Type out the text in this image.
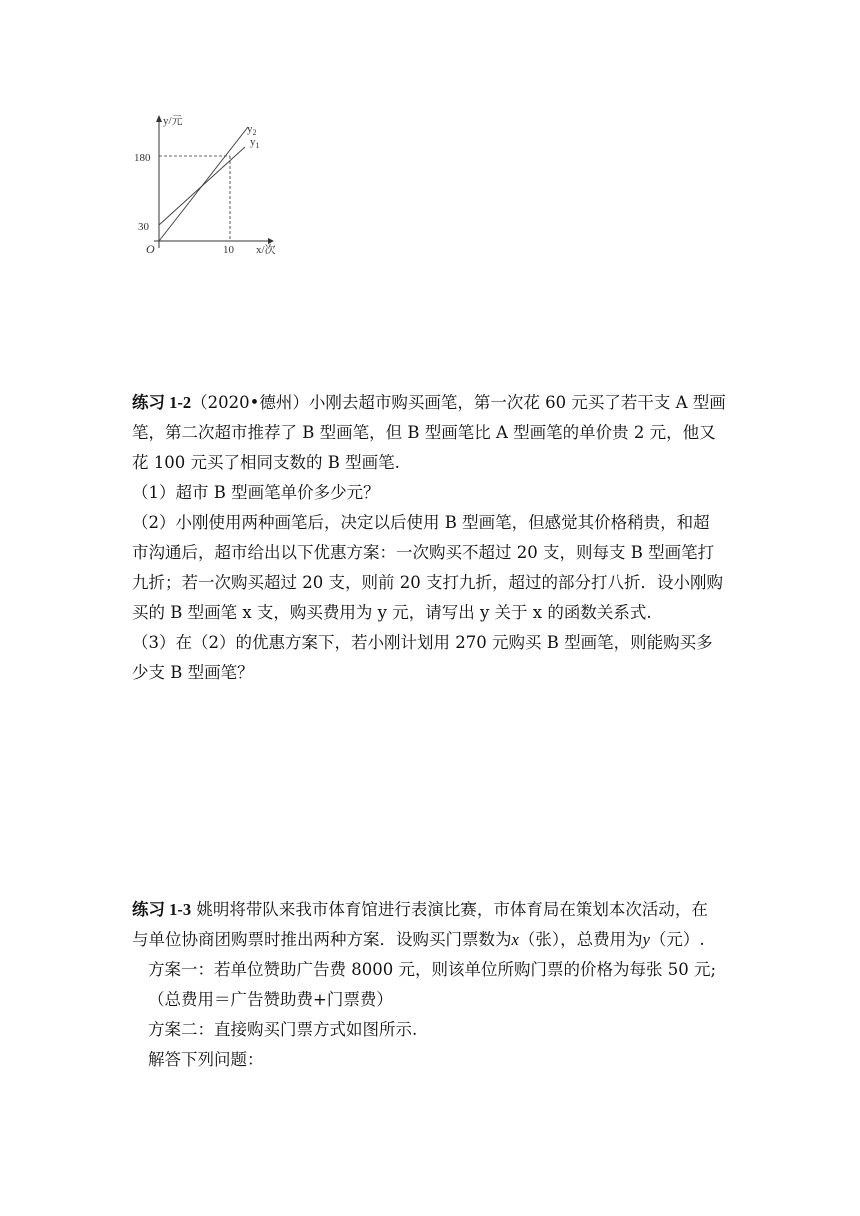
y/元
180
30
O	10 x/次
$y_2$
$y_1$
练习 1-2（2020•德州）小刚去超市购买画笔，第一次花 60 元买了若干支 A 型画
笔，第二次超市推荐了 B 型画笔，但 B 型画笔比 A 型画笔的单价贵 2 元，他又
花 100 元买了相同支数的 B 型画笔.
（1）超市 B 型画笔单价多少元？
（2）小刚使用两种画笔后，决定以后使用 B 型画笔，但感觉其价格稍贵，和超
市沟通后，超市给出以下优惠方案：一次购买不超过 20 支，则每支 B 型画笔打
九折；若一次购买超过 20 支，则前 20 支打九折，超过的部分打八折．设小刚购
买的 B 型画笔 x 支，购买费用为 y 元，请写出 y 关于 x 的函数关系式.
（3）在（2）的优惠方案下，若小刚计划用 270 元购买 B 型画笔，则能购买多
少支 B 型画笔？
练习 1-3 姚明将带队来我市体育馆进行表演比赛，市体育局在策划本次活动，在
与单位协商团购票时推出两种方案．设购买门票数为x（张），总费用为y（元）.
方案一：若单位赞助广告费 8000 元，则该单位所购门票的价格为每张 50 元;
（总费用＝广告赞助费+门票费）
方案二：直接购买门票方式如图所示.
解答下列问题：
